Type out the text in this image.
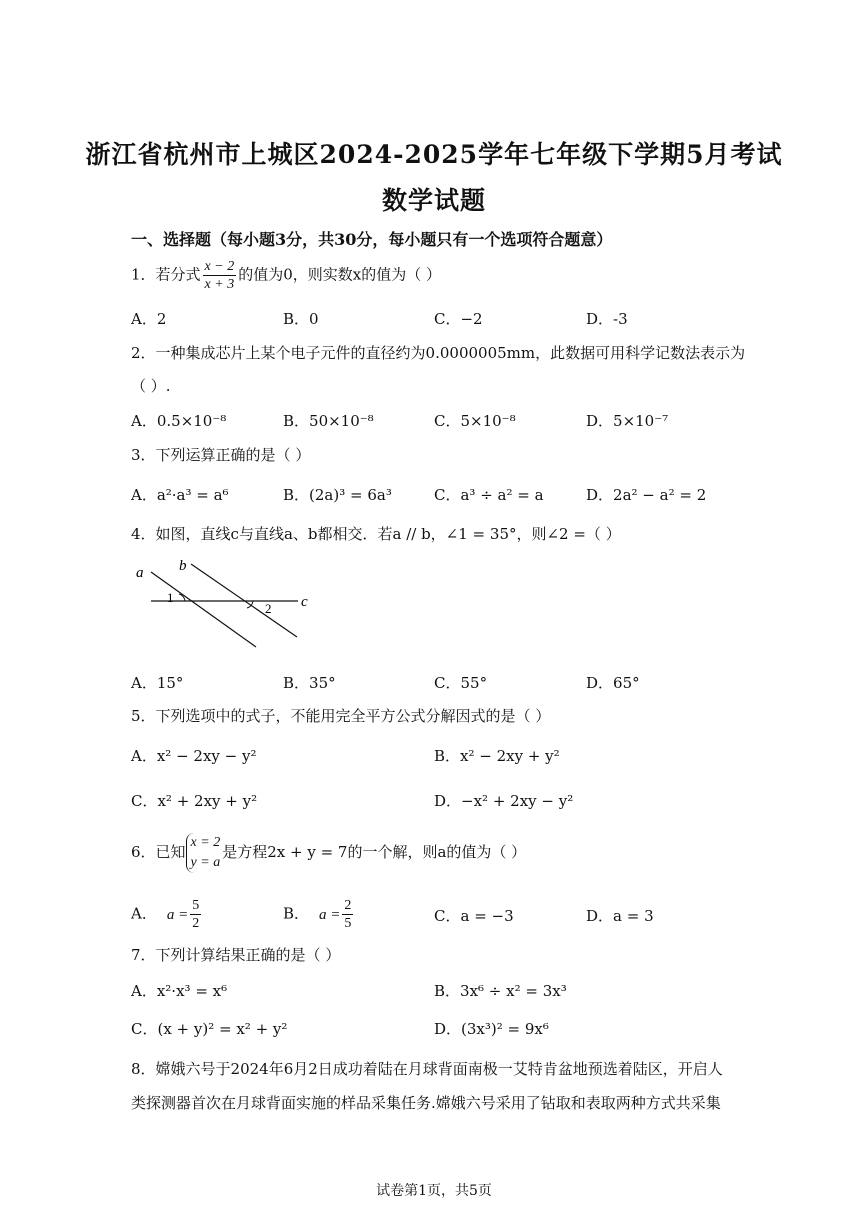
浙江省杭州市上城区2024-2025学年七年级下学期5月考试
数学试题
一、选择题（每小题3分，共30分，每小题只有一个选项符合题意）
1．若分式 $\frac{x - 2}{x + 3}$ 的值为0，则实数x的值为（ ）
A．2	B．0	C．−2	D．-3
2．一种集成芯片上某个电子元件的直径约为0.0000005mm，此数据可用科学记数法表示为
（ ）.
A．0.5×10⁻⁸	B．50×10⁻⁸	C．5×10⁻⁸	D．5×10⁻⁷
3．下列运算正确的是（ ）
A．a²·a³ = a⁶	B．(2a)³ = 6a³	C．a³ ÷ a² = a	D．2a² − a² = 2
4．如图，直线c与直线a、b都相交．若a // b，∠1 = 35°，则∠2 =（ ）
a b
c
1
2
A．15°	B．35°	C．55°	D．65°
5．下列选项中的式子，不能用完全平方公式分解因式的是（ ）
A．x² − 2xy − y²	B．x² − 2xy + y²
C．x² + 2xy + y²	D．−x² + 2xy − y²
6．已知
x = 2
y = a
是方程2x + y = 7的一个解，则a的值为（ ）
A． $a = \frac{5}{2}$	B． $a = \frac{2}{5}$	C．a = −3	D．a = 3
7．下列计算结果正确的是（ ）
A．x²·x³ = x⁶	B．3x⁶ ÷ x² = 3x³
C．(x + y)² = x² + y²	D．(3x³)² = 9x⁶
8．嫦娥六号于2024年6月2日成功着陆在月球背面南极一艾特肯盆地预选着陆区，开启人
类探测器首次在月球背面实施的样品采集任务.嫦娥六号采用了钻取和表取两种方式共采集
试卷第1页，共5页
